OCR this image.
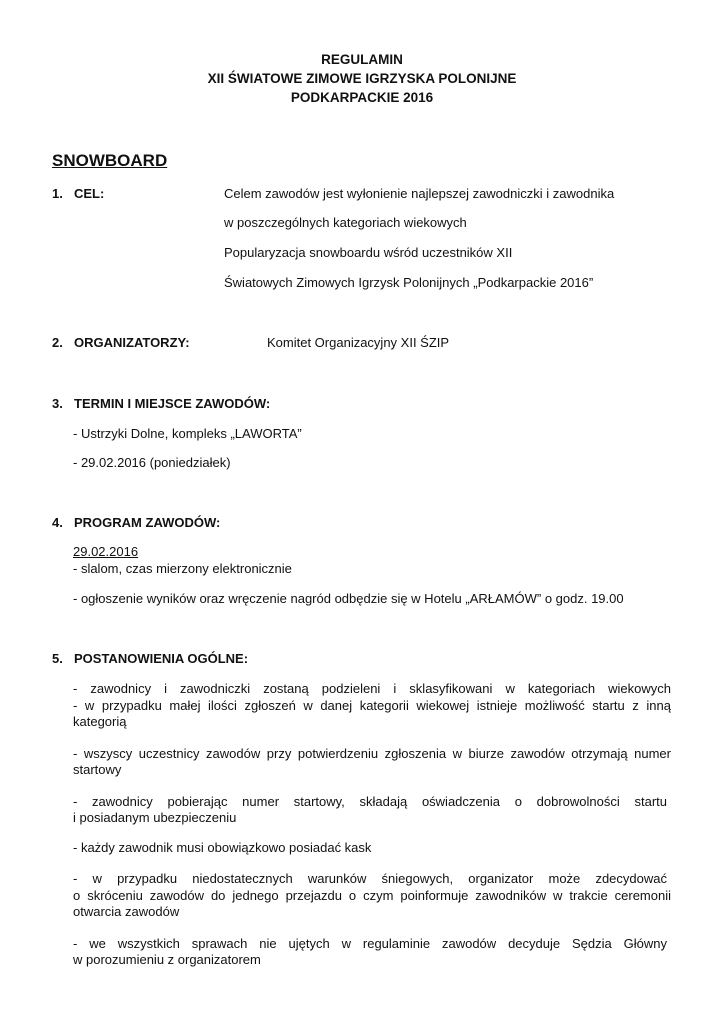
REGULAMIN
XII ŚWIATOWE ZIMOWE IGRZYSKA POLONIJNE
PODKARPACKIE 2016
SNOWBOARD
1. CEL:	Celem zawodów jest wyłonienie najlepszej zawodniczki i zawodnika
w poszczególnych kategoriach wiekowych
Popularyzacja snowboardu wśród uczestników XII
Światowych Zimowych Igrzysk Polonijnych „Podkarpackie 2016”
2. ORGANIZATORZY:	Komitet Organizacyjny XII ŚZIP
3. TERMIN I MIEJSCE ZAWODÓW:
- Ustrzyki Dolne, kompleks „LAWORTA”
- 29.02.2016 (poniedziałek)
4. PROGRAM ZAWODÓW:
29.02.2016
- slalom, czas mierzony elektronicznie
- ogłoszenie wyników oraz wręczenie nagród odbędzie się w Hotelu „ARŁAMÓW” o godz. 19.00
5. POSTANOWIENIA OGÓLNE:
- zawodnicy i zawodniczki zostaną podzieleni i sklasyfikowani w kategoriach wiekowych
- w przypadku małej ilości zgłoszeń w danej kategorii wiekowej istnieje możliwość startu z inną
kategorią
- wszyscy uczestnicy zawodów przy potwierdzeniu zgłoszenia w biurze zawodów otrzymają numer
startowy
- zawodnicy pobierając numer startowy, składają oświadczenia o dobrowolności startu
i posiadanym ubezpieczeniu
- każdy zawodnik musi obowiązkowo posiadać kask
- w przypadku niedostatecznych warunków śniegowych, organizator może zdecydować
o skróceniu zawodów do jednego przejazdu o czym poinformuje zawodników w trakcie ceremonii
otwarcia zawodów
- we wszystkich sprawach nie ujętych w regulaminie zawodów decyduje Sędzia Główny
w porozumieniu z organizatorem
